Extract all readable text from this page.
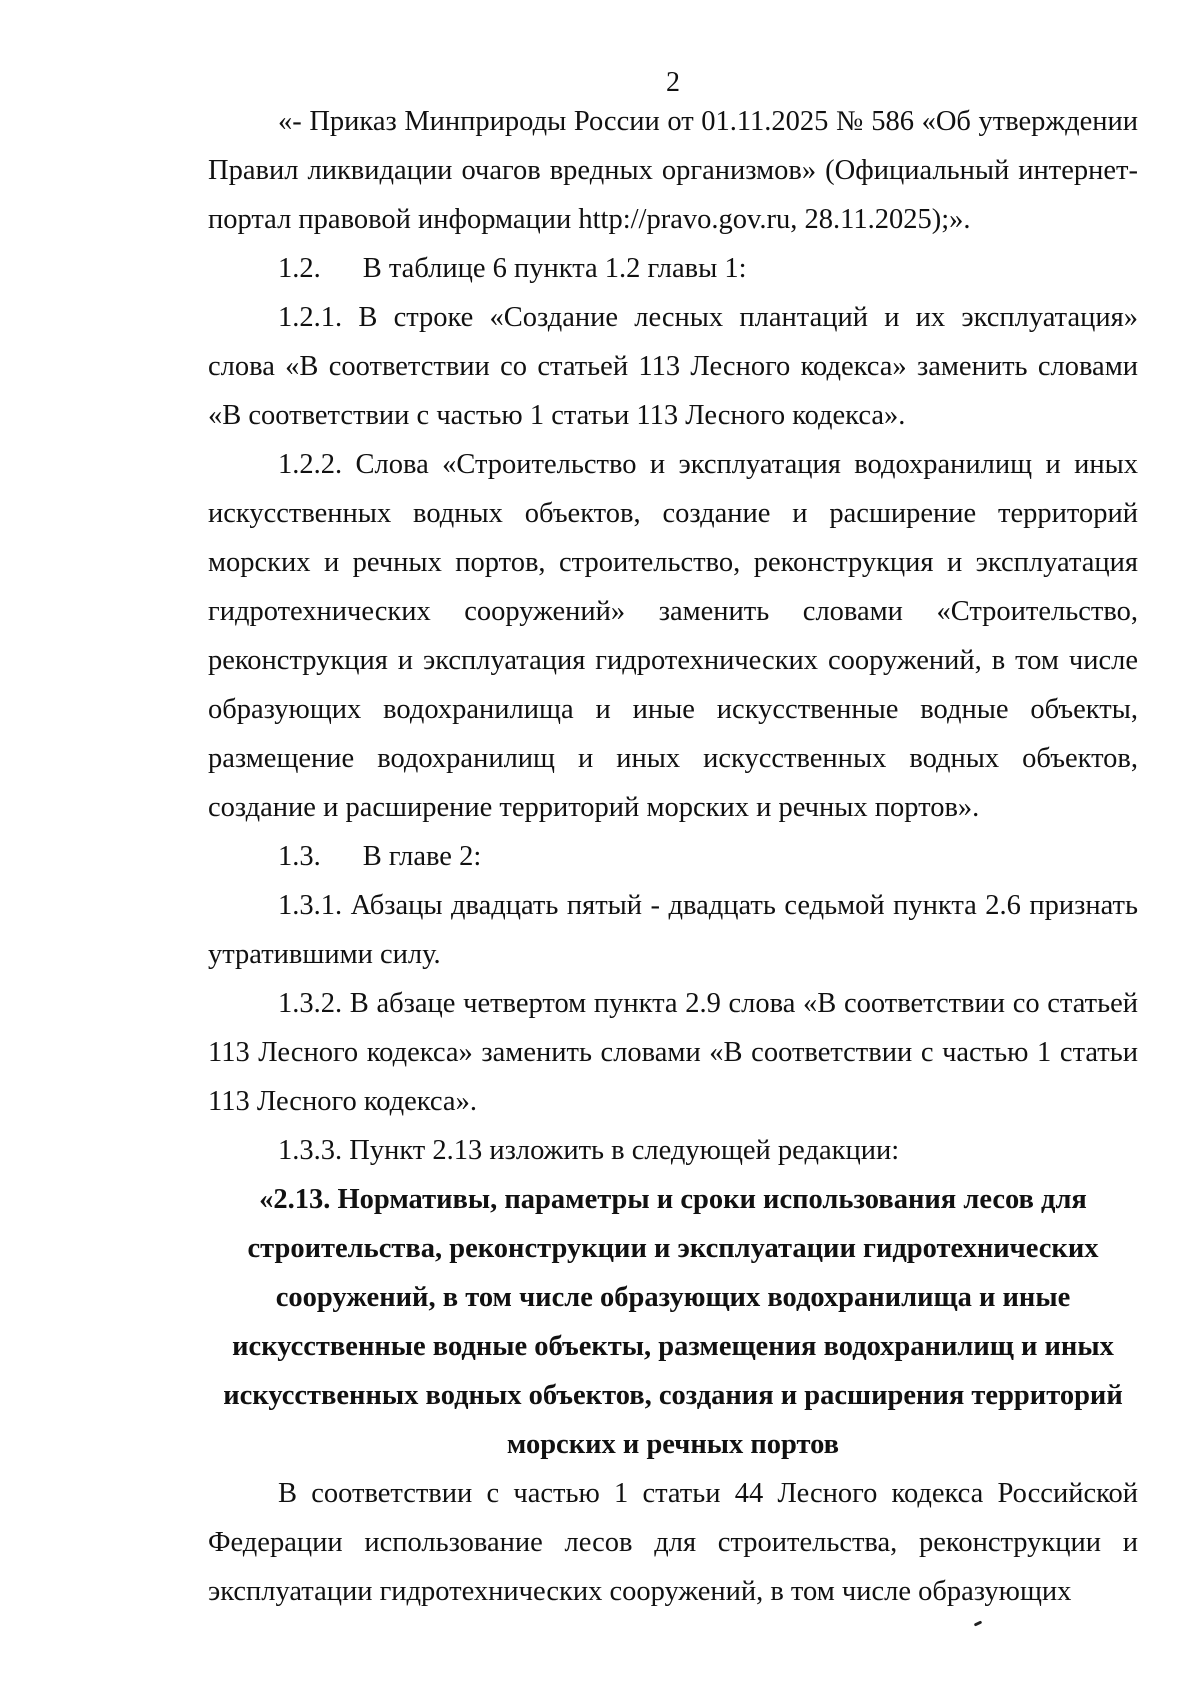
2

«- Приказ Минприроды России от 01.11.2025 № 586 «Об утверждении Правил ликвидации очагов вредных организмов» (Официальный интернет-портал правовой информации http://pravo.gov.ru, 28.11.2025);».

1.2. В таблице 6 пункта 1.2 главы 1:

1.2.1. В строке «Создание лесных плантаций и их эксплуатация» слова «В соответствии со статьей 113 Лесного кодекса» заменить словами «В соответствии с частью 1 статьи 113 Лесного кодекса».

1.2.2. Слова «Строительство и эксплуатация водохранилищ и иных искусственных водных объектов, создание и расширение территорий морских и речных портов, строительство, реконструкция и эксплуатация гидротехнических сооружений» заменить словами «Строительство, реконструкция и эксплуатация гидротехнических сооружений, в том числе образующих водохранилища и иные искусственные водные объекты, размещение водохранилищ и иных искусственных водных объектов, создание и расширение территорий морских и речных портов».

1.3. В главе 2:

1.3.1. Абзацы двадцать пятый - двадцать седьмой пункта 2.6 признать утратившими силу.

1.3.2. В абзаце четвертом пункта 2.9 слова «В соответствии со статьей 113 Лесного кодекса» заменить словами «В соответствии с частью 1 статьи 113 Лесного кодекса».

1.3.3. Пункт 2.13 изложить в следующей редакции:

«2.13. Нормативы, параметры и сроки использования лесов для

строительства, реконструкции и эксплуатации гидротехнических

сооружений, в том числе образующих водохранилища и иные

искусственные водные объекты, размещения водохранилищ и иных

искусственных водных объектов, создания и расширения территорий

морских и речных портов

В соответствии с частью 1 статьи 44 Лесного кодекса Российской Федерации использование лесов для строительства, реконструкции и эксплуатации гидротехнических сооружений, в том числе образующих
